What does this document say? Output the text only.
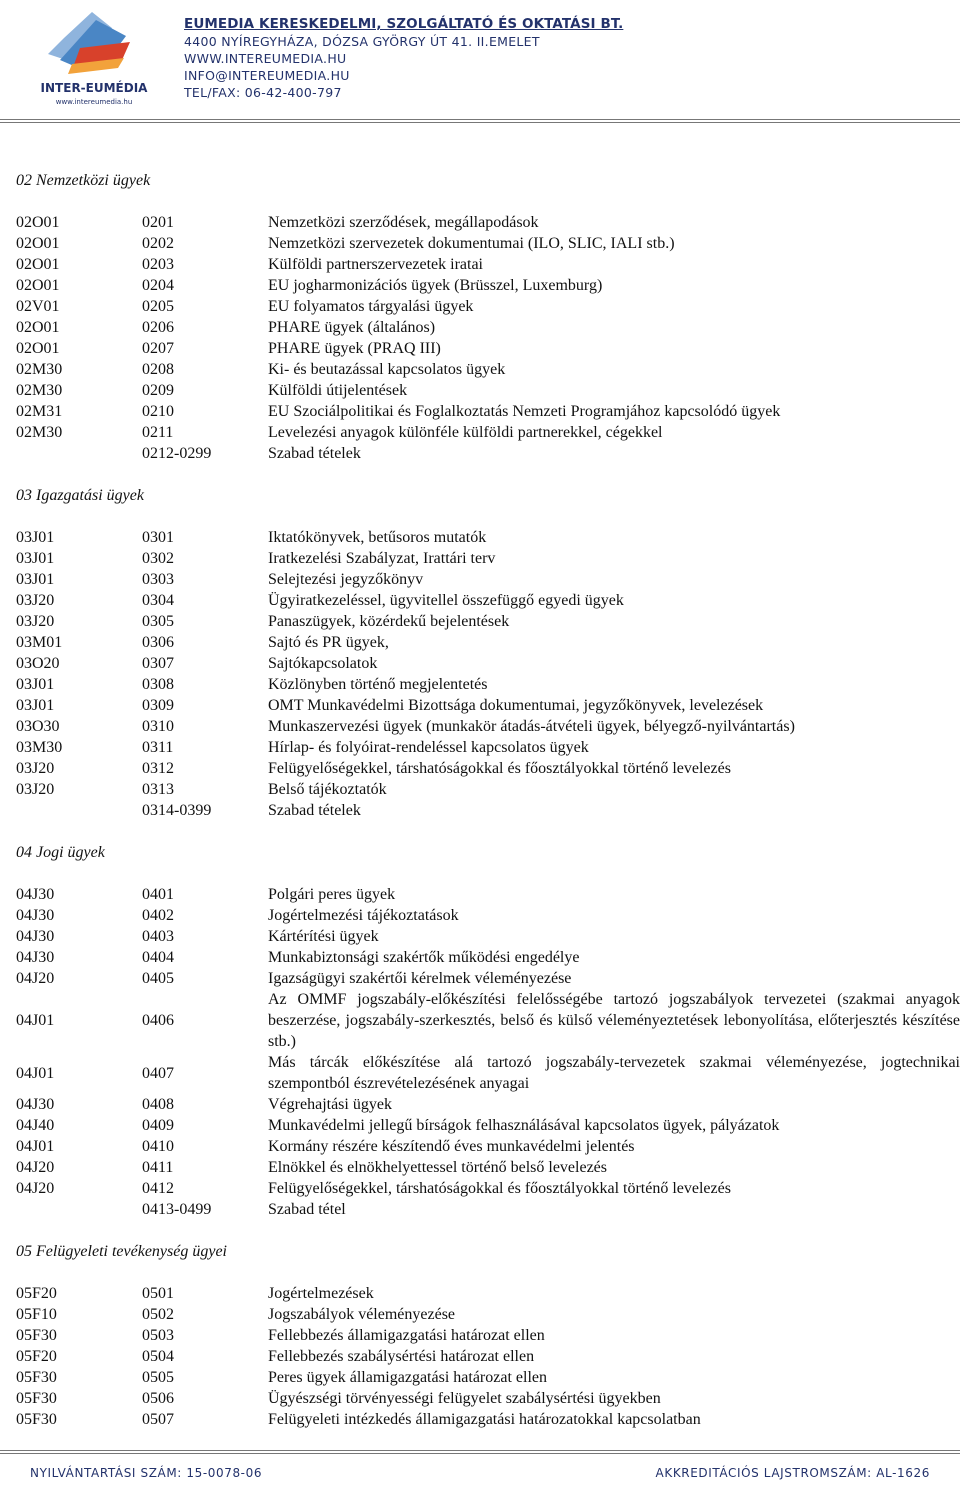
INTER-EUMÉDIA
www.intereumedia.hu
EUMEDIA KERESKEDELMI, SZOLGÁLTATÓ ÉS OKTATÁSI BT.
4400 NYÍREGYHÁZA, DÓZSA GYÖRGY ÚT 41. II.EMELET
WWW.INTEREUMEDIA.HU
INFO@INTEREUMEDIA.HU
TEL/FAX: 06-42-400-797
02 Nemzetközi ügyek
02O01	0201	Nemzetközi szerződések, megállapodások
02O01	0202	Nemzetközi szervezetek dokumentumai (ILO, SLIC, IALI stb.)
02O01	0203	Külföldi partnerszervezetek iratai
02O01	0204	EU jogharmonizációs ügyek (Brüsszel, Luxemburg)
02V01	0205	EU folyamatos tárgyalási ügyek
02O01	0206	PHARE ügyek (általános)
02O01	0207	PHARE ügyek (PRAQ III)
02M30	0208	Ki- és beutazással kapcsolatos ügyek
02M30	0209	Külföldi útijelentések
02M31	0210	EU Szociálpolitikai és Foglalkoztatás Nemzeti Programjához kapcsolódó ügyek
02M30	0211	Levelezési anyagok különféle külföldi partnerekkel, cégekkel
0212-0299	Szabad tételek
03 Igazgatási ügyek
03J01	0301	Iktatókönyvek, betűsoros mutatók
03J01	0302	Iratkezelési Szabályzat, Irattári terv
03J01	0303	Selejtezési jegyzőkönyv
03J20	0304	Ügyiratkezeléssel, ügyvitellel összefüggő egyedi ügyek
03J20	0305	Panaszügyek, közérdekű bejelentések
03M01	0306	Sajtó és PR ügyek,
03O20	0307	Sajtókapcsolatok
03J01	0308	Közlönyben történő megjelentetés
03J01	0309	OMT Munkavédelmi Bizottsága dokumentumai, jegyzőkönyvek, levelezések
03O30	0310	Munkaszervezési ügyek (munkakör átadás-átvételi ügyek, bélyegző-nyilvántartás)
03M30	0311	Hírlap- és folyóirat-rendeléssel kapcsolatos ügyek
03J20	0312	Felügyelőségekkel, társhatóságokkal és főosztályokkal történő levelezés
03J20	0313	Belső tájékoztatók
0314-0399	Szabad tételek
04 Jogi ügyek
04J30	0401	Polgári peres ügyek
04J30	0402	Jogértelmezési tájékoztatások
04J30	0403	Kártérítési ügyek
04J30	0404	Munkabiztonsági szakértők működési engedélye
04J20	0405	Igazságügyi szakértői kérelmek véleményezése
04J01	0406
Az OMMF jogszabály-előkészítési felelősségébe tartozó jogszabályok tervezetei (szakmai anyagok beszerzése, jogszabály-szerkesztés, belső és külső véleményeztetések lebonyolítása, előterjesztés készítése stb.)
04J01	0407
Más tárcák előkészítése alá tartozó jogszabály-tervezetek szakmai véleményezése, jogtechnikai szempontból észrevételezésének anyagai
04J30	0408	Végrehajtási ügyek
04J40	0409	Munkavédelmi jellegű bírságok felhasználásával kapcsolatos ügyek, pályázatok
04J01	0410	Kormány részére készítendő éves munkavédelmi jelentés
04J20	0411	Elnökkel és elnökhelyettessel történő belső levelezés
04J20	0412	Felügyelőségekkel, társhatóságokkal és főosztályokkal történő levelezés
0413-0499	Szabad tétel
05 Felügyeleti tevékenység ügyei
05F20	0501	Jogértelmezések
05F10	0502	Jogszabályok véleményezése
05F30	0503	Fellebbezés államigazgatási határozat ellen
05F20	0504	Fellebbezés szabálysértési határozat ellen
05F30	0505	Peres ügyek államigazgatási határozat ellen
05F30	0506	Ügyészségi törvényességi felügyelet szabálysértési ügyekben
05F30	0507	Felügyeleti intézkedés államigazgatási határozatokkal kapcsolatban
NYILVÁNTARTÁSI SZÁM: 15-0078-06	AKKREDITÁCIÓS LAJSTROMSZÁM: AL-1626
